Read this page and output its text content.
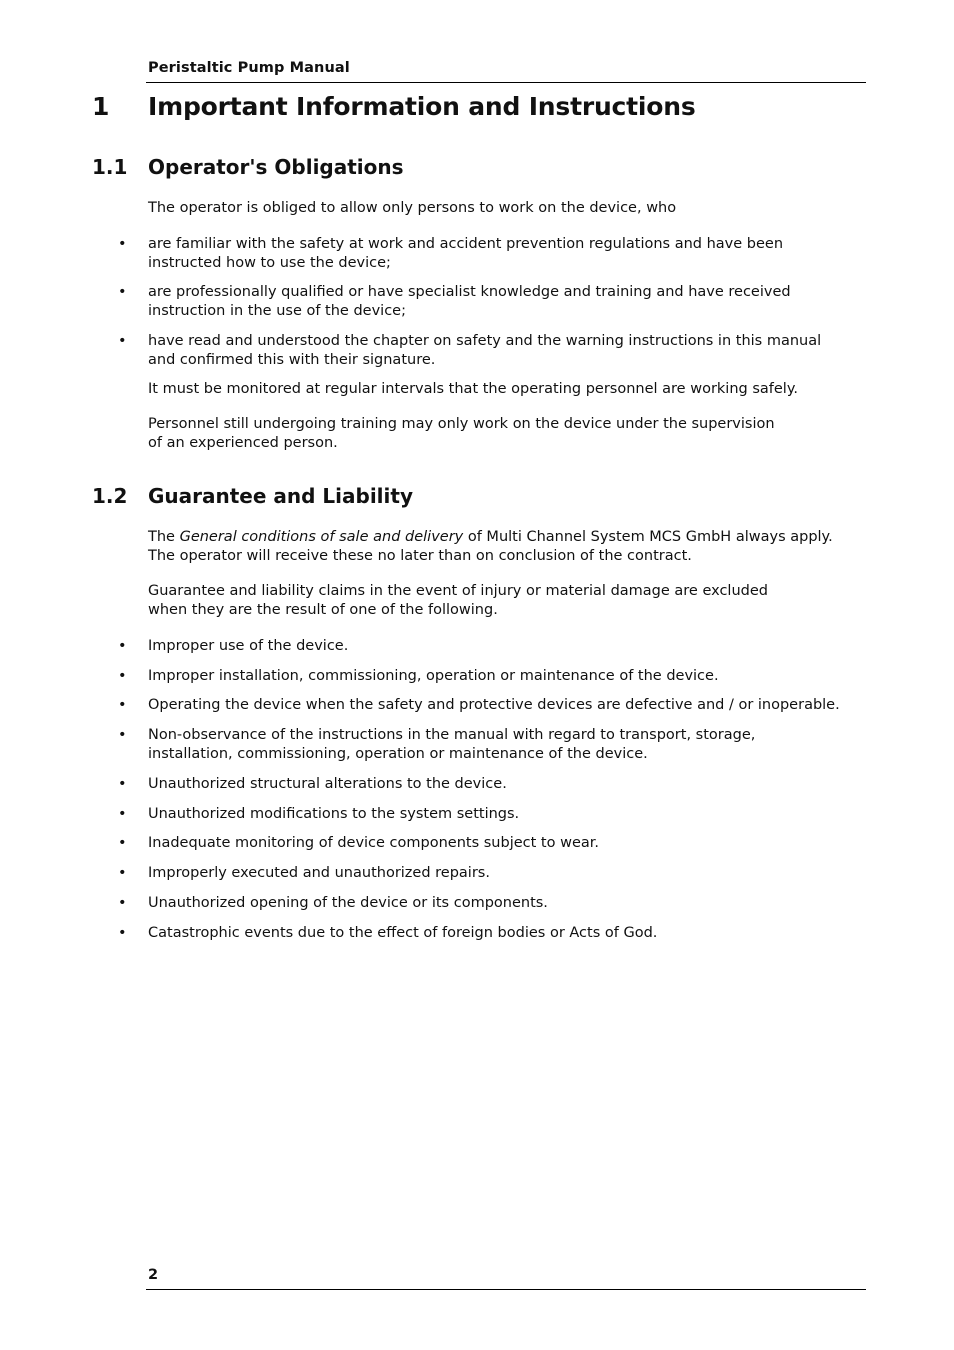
Peristaltic Pump Manual
1 Important Information and Instructions
1.1 Operator's Obligations
The operator is obliged to allow only persons to work on the device, who
• are familiar with the safety at work and accident prevention regulations and have been
instructed how to use the device;
• are professionally qualified or have specialist knowledge and training and have received
instruction in the use of the device;
• have read and understood the chapter on safety and the warning instructions in this manual
and confirmed this with their signature.
It must be monitored at regular intervals that the operating personnel are working safely.
Personnel still undergoing training may only work on the device under the supervision
of an experienced person.
1.2 Guarantee and Liability
The General conditions of sale and delivery of Multi Channel System MCS GmbH always apply.
The operator will receive these no later than on conclusion of the contract.
Guarantee and liability claims in the event of injury or material damage are excluded
when they are the result of one of the following.
• Improper use of the device.
• Improper installation, commissioning, operation or maintenance of the device.
• Operating the device when the safety and protective devices are defective and / or inoperable.
• Non-observance of the instructions in the manual with regard to transport, storage,
installation, commissioning, operation or maintenance of the device.
• Unauthorized structural alterations to the device.
• Unauthorized modifications to the system settings.
• Inadequate monitoring of device components subject to wear.
• Improperly executed and unauthorized repairs.
• Unauthorized opening of the device or its components.
• Catastrophic events due to the effect of foreign bodies or Acts of God.
2
